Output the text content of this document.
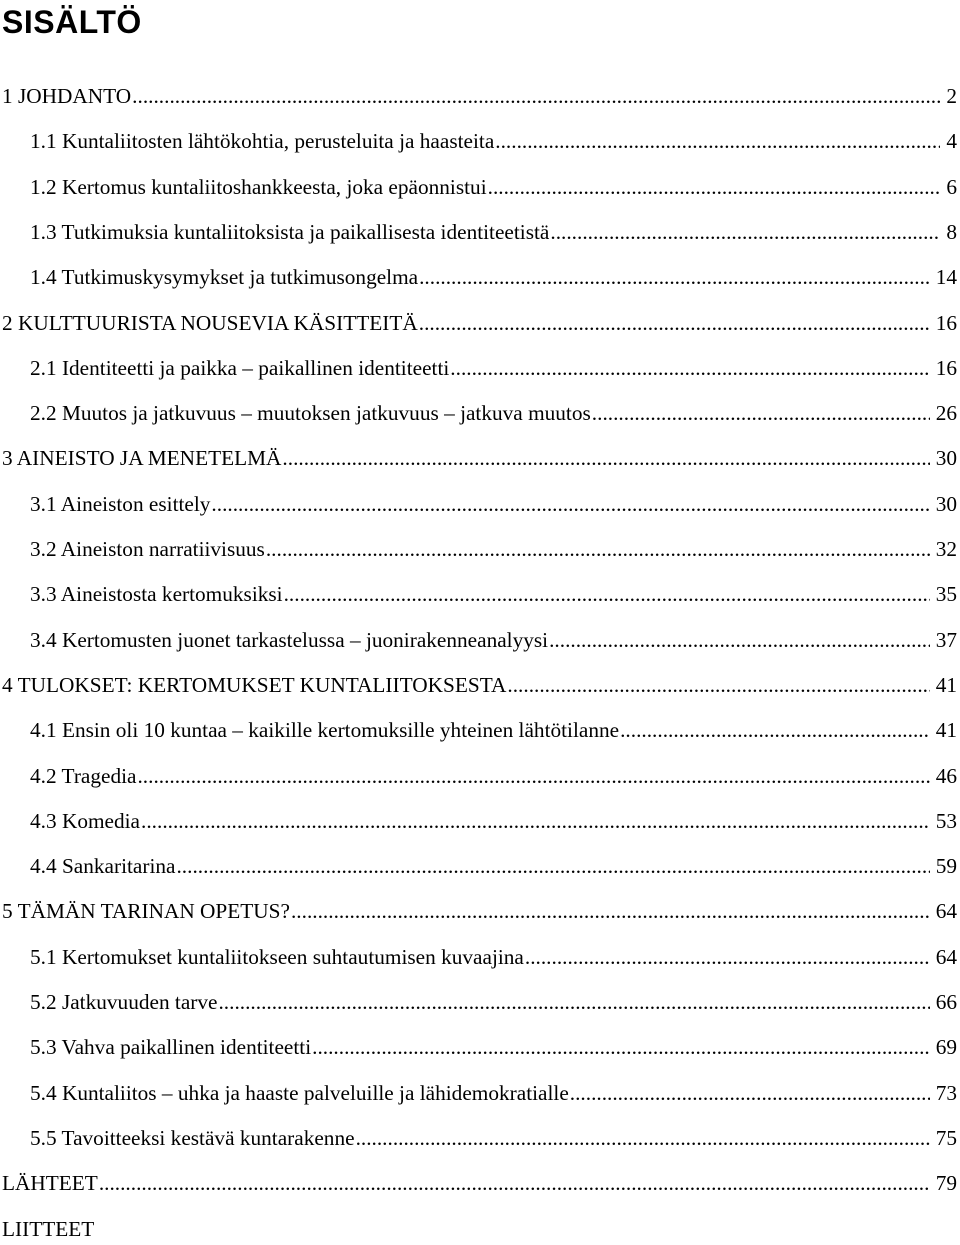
SISÄLTÖ
1 JOHDANTO .....	2
1.1 Kuntaliitosten lähtökohtia, perusteluita ja haasteita .....	4
1.2 Kertomus kuntaliitoshankkeesta, joka epäonnistui .....	6
1.3 Tutkimuksia kuntaliitoksista ja paikallisesta identiteetistä .....	8
1.4 Tutkimuskysymykset ja tutkimusongelma .....	14
2 KULTTUURISTA NOUSEVIA KÄSITTEITÄ .....	16
2.1 Identiteetti ja paikka – paikallinen identiteetti .....	16
2.2 Muutos ja jatkuvuus – muutoksen jatkuvuus – jatkuva muutos .....	26
3 AINEISTO JA MENETELMÄ .....	30
3.1 Aineiston esittely .....	30
3.2 Aineiston narratiivisuus .....	32
3.3 Aineistosta kertomuksiksi .....	35
3.4 Kertomusten juonet tarkastelussa – juonirakenneanalyysi .....	37
4 TULOKSET: KERTOMUKSET KUNTALIITOKSESTA .....	41
4.1 Ensin oli 10 kuntaa – kaikille kertomuksille yhteinen lähtötilanne .....	41
4.2 Tragedia .....	46
4.3 Komedia .....	53
4.4 Sankaritarina .....	59
5 TÄMÄN TARINAN OPETUS? .....	64
5.1 Kertomukset kuntaliitokseen suhtautumisen kuvaajina .....	64
5.2 Jatkuvuuden tarve .....	66
5.3 Vahva paikallinen identiteetti .....	69
5.4 Kuntaliitos – uhka ja haaste palveluille ja lähidemokratialle .....	73
5.5 Tavoitteeksi kestävä kuntarakenne .....	75
LÄHTEET .....	79
LIITTEET
